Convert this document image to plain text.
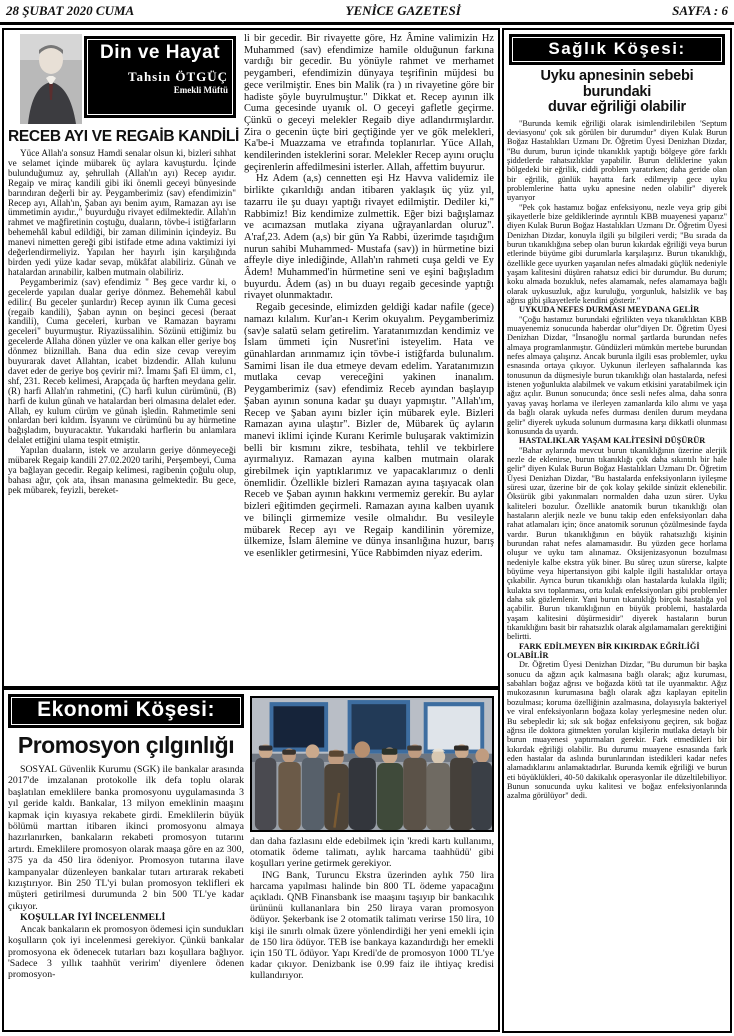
28 ŞUBAT 2020 CUMA	YENİCE GAZETESİ	SAYFA : 6
Din ve Hayat
Tahsin ÖTGÜÇ
Emekli Müftü
RECEB AYI VE REGAİB KANDİLİ

Yüce Allah'a sonsuz Hamdi senalar olsun ki, bizleri sıhhat ve selamet içinde mübarek üç aylara kavuşturdu. İçinde bulunduğumuz ay, şehrullah (Allah'ın ayı) Recep ayıdır. Regaip ve miraç kandili gibi iki önemli geceyi bünyesinde barındıran değerli bir ay. Peygamberimiz (sav) efendimizin" Recep ayı, Allah'ın, Şaban ayı benim ayım, Ramazan ayı ise ümmetimin ayıdır.," buyurduğu rivayet edilmektedir. Allah'ın rahmet ve mağfiretinin coştuğu, duaların, tövbe-i istiğfarların behemehâl kabul edildiği, bir zaman diliminin içindeyiz. Bu manevi nimetten gereği gibi istifade etme adına vaktimizi iyi değerlendirmeliyiz. Yapılan her hayırlı işin karşılığında birden yedi yüze kadar sevap, mükâfat alabiliriz. Günah ve hatalardan arınabilir, kalben mutmain olabiliriz.

Peygamberimiz (sav) efendimiz " Beş gece vardır ki, o gecelerde yapılan dualar geriye dönmez. Behemehâl kabul edilir.( Bu geceler şunlardır) Recep ayının ilk Cuma gecesi (regaib kandili), Şaban aynın on beşinci gecesi (beraat kandili), Cuma geceleri, kurban ve Ramazan bayramı geceleri" buyurmuştur. Riyazüssalihin. Sözünü ettiğimiz bu gecelerde Allaha dönen yüzler ve ona kalkan eller geriye boş dönmez biiznillah. Bana dua edin size cevap vereyim buyurarak davet Allahtan, icabet bizdendir. Allah kulunu davet eder de geriye boş çevirir mi?. İmamı Şafi El ümm, c1, shf, 231. Receb kelimesi, Arapçada üç harften meydana gelir. (R) harfi Allah'ın rahmetini, (C) harfi kulun cürümünü, (B) harfi de kulun günah ve hatalardan beri olmasına delalet eder. Allah, ey kulum cürüm ve günah işledin. Rahmetimle seni onlardan beri kıldım. İsyanını ve cürümünü bu ay hürmetine bağışladım, buyuracaktır. Yukarıdaki harflerin bu anlamlara delalet ettiğini ulama tespit etmiştir.

Yapılan duaların, istek ve arzuların geriye dönmeyeceği mübarek Regaip kandili 27.02.2020 tarihi, Perşembeyi, Cuma ya bağlayan gecedir. Regaip kelimesi, ragibenin çoğulu olup, bahası ağır, çok ata, ihsan manasına gelmektedir. Bu gece, pek mübarek, feyizli, bereket-

li bir gecedir. Bir rivayette göre, Hz Âmine valimizin Hz Muhammed (sav) efendimize hamile olduğunun farkına vardığı bir gecedir. Bu yönüyle rahmet ve merhamet peygamberi, efendimizin dünyaya teşrifinin müjdesi bu gece verilmiştir. Enes bin Malik (ra ) ın rivayetine göre bir hadiste şöyle buyrulmuştur." Dikkat et. Recep ayının ilk Cuma gecesinde uyanık ol. O geceyi gafletle geçirme. Çünkü o geceyi melekler Regaib diye adlandırmışlardır. Zira o gecenin üçte biri geçtiğinde yer ve gök melekleri, Ka'be-i Muazzama ve etrafında toplanırlar. Yüce Allah, kendilerinden isteklerini sorar. Melekler Recep ayını oruçlu geçirenlerin affedilmesini isterler. Allah, affettim buyurur.

Hz Adem (a,s) cennetten eşi Hz Havva validemiz ile birlikte çıkarıldığı andan itibaren yaklaşık üç yüz yıl, tazarru ile şu duayı yaptığı rivayet edilmiştir. Dediler ki," Rabbimiz! Biz kendimize zulmettik. Eğer bizi bağışlamaz ve acımazsan mutlaka ziyana uğrayanlardan oluruz". A'raf,23. Adem (a,s) bir gün Ya Rabbi, üzerimde taşıdığım nurun sahibi Muhammed- Mustafa (sav)) in hürmetine bizi affeyle diye inlediğinde, Allah'ın rahmeti cuşa geldi ve Ey Âdem! Muhammed'in hürmetine seni ve eşini bağışladım buyurdu. Âdem (as) ın bu duayı regaib gecesinde yaptığı rivayet olunmaktadır.

Regaib gecesinde, elimizden geldiği kadar nafile (gece) namazı kılalım. Kur'an-ı Kerim okuyalım. Peygamberimiz (sav)e salatü selam getirelim. Yaratanımızdan kendimiz ve İslam ümmeti için Nusret'ini isteyelim. Hata ve günahlardan arınmamız için tövbe-i istiğfarda bulunalım. Samimi lisan ile dua etmeye devam edelim. Yaratanımızın mutlaka cevap vereceğini yakinen inanalım. Peygamberimiz (sav) efendimiz Receb ayından başlayıp Şaban ayının sonuna kadar şu duayı yapmıştır. "Allah'ım, Recep ve Şaban ayını bizler için mübarek eyle. Bizleri Ramazan ayına ulaştır". Bizler de, Mübarek üç ayların manevi iklimi içinde Kuranı Kerimle buluşarak vaktimizin belli bir kısmını zikre, tesbihata, tehlil ve tekbirlere ayırmalıyız. Ramazan ayına kalben mutmain olarak girebilmek için yaptıklarımız ve yapacaklarımız o denli önemlidir. Özellikle bizleri Ramazan ayına taşıyacak olan Receb ve Şaban ayının hakkını vermemiz gerekir. Bu aylar bizleri eğitimden geçirmeli. Ramazan ayına kalben uyanık ve bilinçli girmemize vesile olmalıdır. Bu vesileyle mübarek Recep ayı ve Regaip kandilinin yöremize, ülkemize, İslam âlemine ve dünya insanlığına huzur, barış ve esenlikler getirmesini, Yüce Rabbimden niyaz ederim.

Sağlık Köşesi:
Uyku apnesinin sebebi burundaki
duvar eğriliği olabilir

"Burunda kemik eğriliği olarak isimlendirilebilen 'Septum deviasyonu' çok sık görülen bir durumdur" diyen Kulak Burun Boğaz Hastalıkları Uzmanı Dr. Öğretim Üyesi Denizhan Dizdar, "Bu durum, burun içinde tıkanıklık yaptığı bölgeye göre farklı şiddetlerde rahatsızlıklar yapabilir. Burun deliklerine yakın bölgedeki bir eğrilik, ciddi problem yaratırken; daha geride olan bir eğrilik, günlük hayatta fark edilmeyip gece uyku problemlerine hatta uyku apnesine neden olabilir" diyerek uyarıyor

"Pek çok hastamız boğaz enfeksiyonu, nezle veya grip gibi şikayetlerle bize geldiklerinde ayrıntılı KBB muayenesi yaparız" diyen Kulak Burun Boğaz Hastalıkları Uzmanı Dr. Öğretim Üyesi Denizhan Dizdar, konuyla ilgili şu bilgileri verdi; "Bu sırada da burun tıkanıklığına sebep olan burun kıkırdak eğriliği veya burun etlerinde büyüme gibi durumlarla karşılaşırız. Burun tıkanıklığı, özellikle gece uyurken yaşanılan nefes almadaki güçlük nedeniyle yaşam kalitesini düşüren rahatsız edici bir durumdur. Bu durum; koku almada bozukluk, nefes alamamak, nefes alamamaya bağlı olarak uykusuzluk, ağız kuruluğu, yorgunluk, halsizlik ve baş ağrısı gibi şikayetlerle kendini gösterir."

UYKUDA NEFES DURMASI MEYDANA GELİR

"Çoğu hastamız burundaki eğrilikten veya tıkanıklıktan KBB muayenemiz sonucunda haberdar olur"diyen Dr. Öğretim Üyesi Denizhan Dizdar, "İnsanoğlu normal şartlarda burundan nefes almaya programlanmıştır. Gündüzleri mümkün mertebe burundan nefes almaya çalışırız. Ancak burunla ilgili esas problemler, uyku esnasında ortaya çıkıyor. Uykunun ilerleyen safhalarında kas tonusunun da düşmesiyle burun tıkanıklığı olan hastalarda, nefesi istenen yoğunlukta alabilmek ve vakum etkisini yaratabilmek için ağız açılır. Bunun sonucunda; önce sesli nefes alma, daha sonra yavaş yavaş horlama ve ilerleyen zamanlarda kilo alımı ve yaşa da bağlı olarak uykuda nefes durması denilen durum meydana gelir" diyerek uykuda solunum durmasına karşı dikkatli olunması konusunda da uyardı.

HASTALIKLAR YAŞAM KALİTESİNİ DÜŞÜRÜR

"Bahar aylarında mevcut burun tıkanıklığının üzerine alerjik nezle de eklenirse, burun tıkanıklığı çok daha sıkıntılı bir hale gelir" diyen Kulak Burun Boğaz Hastalıkları Uzmanı Dr. Öğretim Üyesi Denizhan Dizdar, "Bu hastalarda enfeksiyonların iyileşme süresi uzar, üzerine bir de çok kolay şekilde sinüzit eklenebilir. Öksürük gibi yakınmaları normalden daha uzun sürer. Uyku kaliteleri bozulur. Özellikle anatomik burun tıkanıklığı olan hastaların alerjik nezle ve bunu takip eden enfeksiyonları daha rahat atlamaları için; önce anatomik sorunun çözülmesinde fayda vardır. Burun tıkanıklığının en büyük rahatsızlığı kişinin burundan rahat nefes alamamasıdır. Bu yüzden gece horlama oluşur ve uyku tam alınamaz. Oksijenizasyonun bozulması nedeniyle kalbe ekstra yük biner. Bu süreç uzun sürerse, kalpte büyüme veya hipertansiyon gibi kalple ilgili hastalıklar ortaya çıkabilir. Ayrıca burun tıkanıklığı olan hastalarda kulakla ilgili; kulakta sıvı toplanması, orta kulak enfeksiyonları gibi problemler daha sık gözlemlenir. Yani burun tıkanıklığı birçok hastalığa yol açabilir. Burun tıkanıklığının en büyük problemi, hastalarda yaşam kalitesini düşürmesidir" diyerek hastaların burun tıkanıklığını basit bir rahatsızlık olarak algılamamaları gerektiğini belirtti.

FARK EDİLMEYEN BİR KIKIRDAK EĞRİLİĞİ OLABİLİR

Dr. Öğretim Üyesi Denizhan Dizdar, "Bu durumun bir başka sonucu da ağzın açık kalmasına bağlı olarak; ağız kuruması, sabahları boğaz ağrısı ve boğazda kötü tat ile uyanmaktır. Ağız mukozasının kurumasına bağlı olarak ağzı kaplayan epitelin bozulması; koruma özelliğinin azalmasına, dolayısıyla bakteriyel ve viral enfeksiyonların boğaza kolay yerleşmesine neden olur. Bu sebepledir ki; sık sık boğaz enfeksiyonu geçiren, sık boğaz ağrısı ile doktora gitmekten yorulan kişilerin mutlaka detaylı bir burun muayenesi yaptırmaları gerekir. Fark etmedikleri bir kıkırdak eğriliği olabilir. Bu durumu muayene esnasında fark eden hastalar da aslında burunlarından istedikleri kadar nefes alamadıklarını anlamaktadırlar. Burunda kemik eğriliği ve burun eti büyüklükleri, 40-50 dakikalık operasyonlar ile düzeltilebiliyor. Bunun sonucunda uyku kalitesi ve boğaz enfeksiyonlarında azalma görülüyor" dedi.

Ekonomi Köşesi:
Promosyon çılgınlığı

SOSYAL Güvenlik Kurumu (SGK) ile bankalar arasında 2017'de imzalanan protokolle ilk defa toplu olarak başlatılan emeklilere banka promosyonu uygulamasında 3 yıl geride kaldı. Bankalar, 13 milyon emeklinin maaşını kapmak için kıyasıya rekabete girdi. Emeklilerin büyük bölümü marttan itibaren ikinci promosyonu almaya hazırlanırken, bankaların rekabeti promosyon tutarını artırdı. Emeklilere promosyon olarak maaşa göre en az 300, 375 ya da 450 lira ödeniyor. Promosyon tutarına ilave kampanyalar düzenleyen bankalar tutarı artırarak rekabeti kızıştırıyor. Bin 250 TL'yi bulan promosyon teklifleri ek müşteri getirilmesi durumunda 2 bin 500 TL'ye kadar çıkıyor.

KOŞULLAR İYİ İNCELENMELİ

Ancak bankaların ek promosyon ödemesi için sundukları koşulların çok iyi incelenmesi gerekiyor. Çünkü bankalar promosyona ek ödenecek tutarları bazı koşullara bağlıyor. 'Sadece 3 yıllık taahhüt veririm' diyenlere ödenen promosyon-

dan daha fazlasını elde edebilmek için 'kredi kartı kullanımı, otomatik ödeme talimatı, aylık harcama taahhüdü' gibi koşulları yerine getirmek gerekiyor.

ING Bank, Turuncu Ekstra üzerinden aylık 750 lira harcama yapılması halinde bin 800 TL ödeme yapacağını açıkladı. QNB Finansbank ise maaşını taşıyıp bir bankacılık ürününü kullananlara bin 250 liraya varan promosyon ödüyor. Şekerbank ise 2 otomatik talimatı verirse 150 lira, 10 kişi ile sınırlı olmak üzere yönlendirdiği her yeni emekli için de 150 lira ödüyor. TEB ise bankaya kazandırdığı her emekli için 150 TL ödüyor. Yapı Kredi'de de promosyon 1000 TL'ye kadar çıkıyor. Denizbank ise 0.99 faiz ile ihtiyaç kredisi kullandırıyor.
